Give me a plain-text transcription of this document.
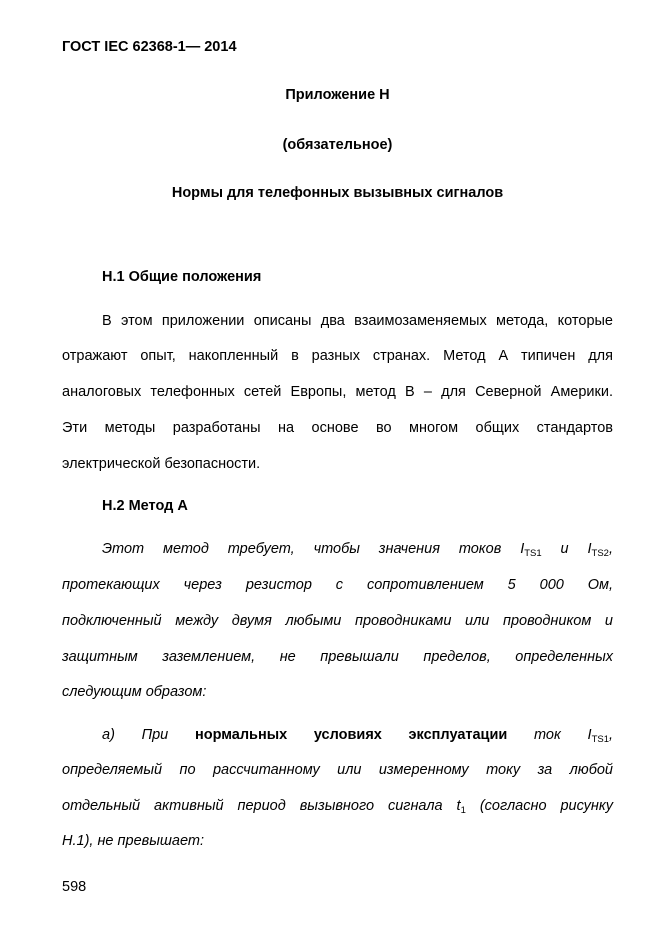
ГОСТ IEC 62368-1— 2014
Приложение Н
(обязательное)
Нормы для телефонных вызывных сигналов
Н.1 Общие положения
В этом приложении описаны два взаимозаменяемых метода, которые
отражают опыт, накопленный в разных странах. Метод А типичен для
аналоговых телефонных сетей Европы, метод В – для Северной Америки.
Эти методы разработаны на основе во многом общих стандартов
электрической безопасности.
Н.2 Метод А
Этот метод требует, чтобы значения токов $I_{TS1}$ и $I_{TS2}$,
протекающих через резистор с сопротивлением 5 000 Ом,
подключенный между двумя любыми проводниками или проводником и
защитным заземлением, не превышали пределов, определенных
следующим образом:
а) При нормальных условиях эксплуатации ток $I_{TS1}$,
определяемый по рассчитанному или измеренному току за любой
отдельный активный период вызывного сигнала $t_1$ (согласно рисунку
Н.1), не превышает:
598
